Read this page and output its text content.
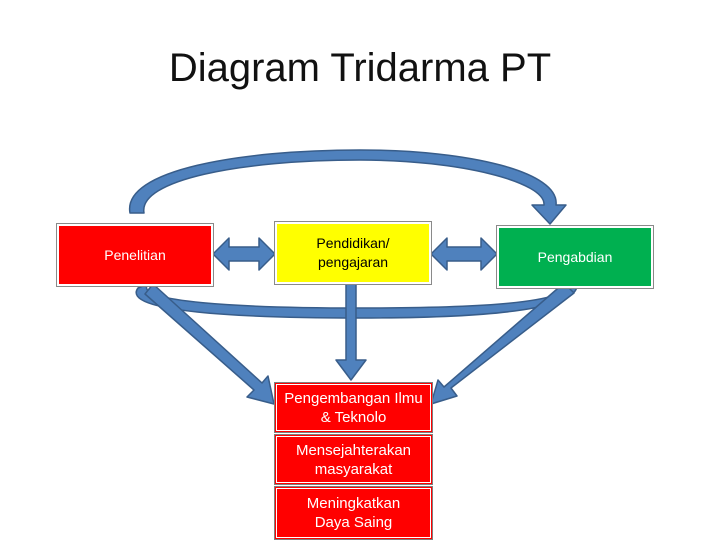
Diagram Tridarma PT
Penelitian
Pendidikan/ pengajaran	Pengabdian
Pengembangan Ilmu & Teknolo
Mensejahterakan masyarakat
Meningkatkan Daya Saing
